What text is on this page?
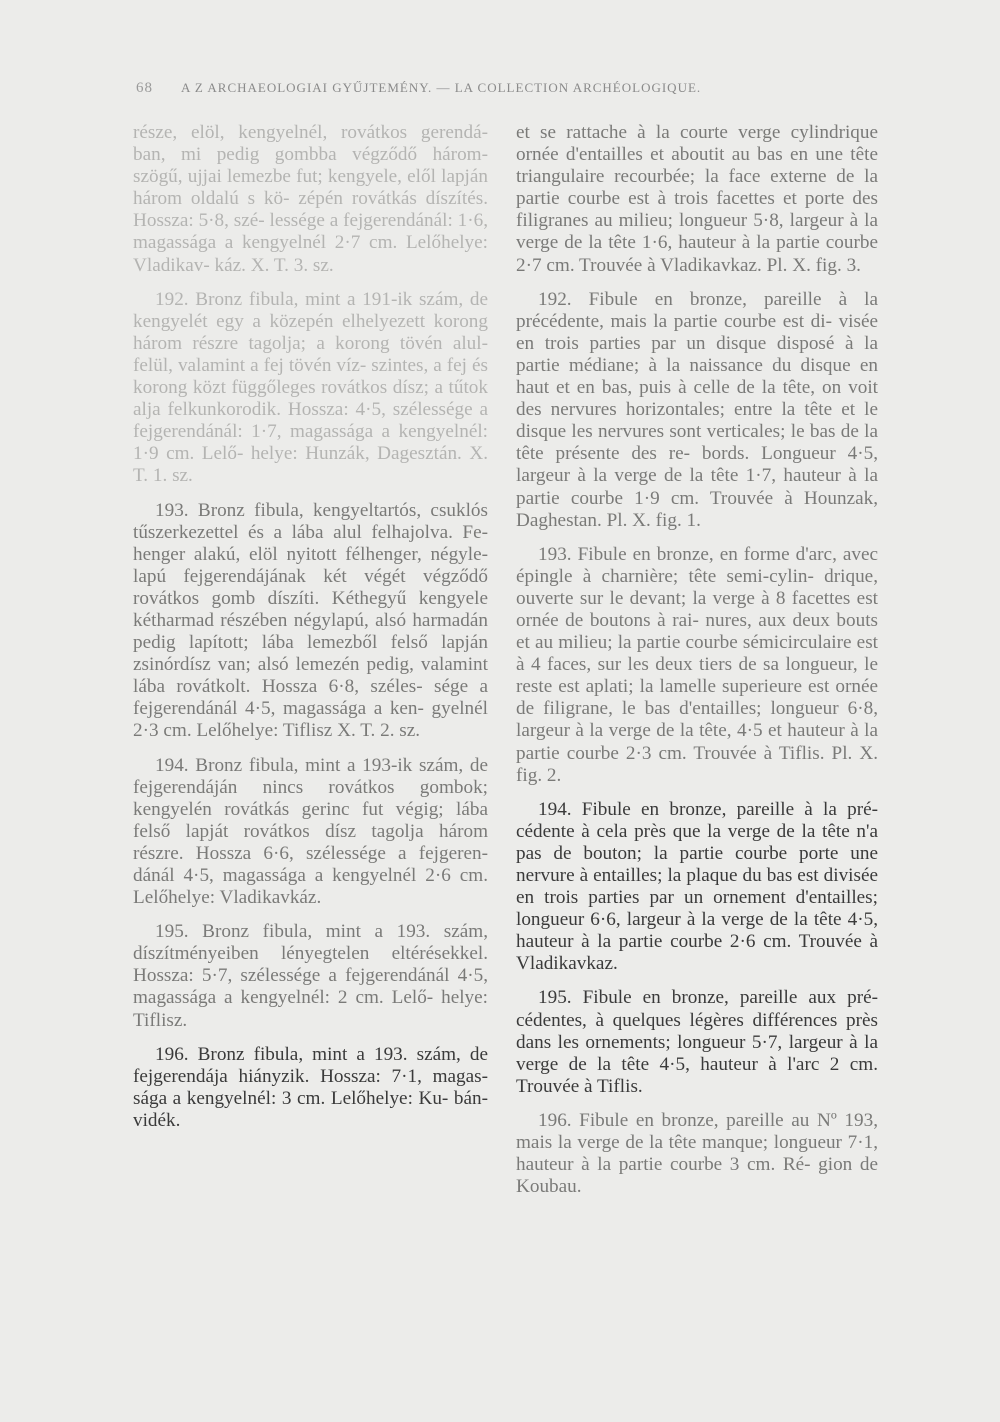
68 A Z ARCHAEOLOGIAI GYŰJTEMÉNY. — LA COLLECTION ARCHÉOLOGIQUE.

része, elöl, kengyelnél, rovátkos gerendá- ban, mi pedig gombba végződő három- szögű, ujjai lemezbe fut; kengyele, elől lapján három oldalú s kö- zépén rovátkás díszítés. Hossza: 5·8, szé- lessége a fejgerendánál: 1·6, magassága a kengyelnél 2·7 cm. Lelőhelye: Vladikav- káz. X. T. 3. sz.

192. Bronz fibula, mint a 191-ik szám, de kengyelét egy a közepén elhelyezett korong három részre tagolja; a korong tövén alul-felül, valamint a fej tövén víz- szintes, a fej és korong közt függőleges rovátkos dísz; a tűtok alja felkunkorodik. Hossza: 4·5, szélessége a fejgerendánál: 1·7, magassága a kengyelnél: 1·9 cm. Lelő- helye: Hunzák, Dagesztán. X. T. 1. sz.

193. Bronz fibula, kengyeltartós, csuklós tűszerkezettel és a lába alul felhajolva. Fe- henger alakú, elöl nyitott félhenger, négyle- lapú fejgerendájának két végét végződő rovátkos gomb díszíti. Kéthegyű kengyele kétharmad részében négylapú, alsó harmadán pedig lapított; lába lemezből felső lapján zsinórdísz van; alsó lemezén pedig, valamint lába rovátkolt. Hossza 6·8, széles- sége a fejgerendánál 4·5, magassága a ken- gyelnél 2·3 cm. Lelőhelye: Tiflisz X. T. 2. sz.

194. Bronz fibula, mint a 193-ik szám, de fejgerendáján nincs rovátkos gombok; kengyelén rovátkás gerinc fut végig; lába felső lapját rovátkos dísz tagolja három részre. Hossza 6·6, szélessége a fejgeren- dánál 4·5, magassága a kengyelnél 2·6 cm. Lelőhelye: Vladikavkáz.

195. Bronz fibula, mint a 193. szám, díszítményeiben lényegtelen eltérésekkel. Hossza: 5·7, szélessége a fejgerendánál 4·5, magassága a kengyelnél: 2 cm. Lelő- helye: Tiflisz.

196. Bronz fibula, mint a 193. szám, de fejgerendája hiányzik. Hossza: 7·1, magas- sága a kengyelnél: 3 cm. Lelőhelye: Ku- bán-vidék.

et se rattache à la courte verge cylindrique ornée d'entailles et aboutit au bas en une tête triangulaire recourbée; la face externe de la partie courbe est à trois facettes et porte des filigranes au milieu; longueur 5·8, largeur à la verge de la tête 1·6, hauteur à la partie courbe 2·7 cm. Trouvée à Vladikavkaz. Pl. X. fig. 3.

192. Fibule en bronze, pareille à la précédente, mais la partie courbe est di- visée en trois parties par un disque disposé à la partie médiane; à la naissance du disque en haut et en bas, puis à celle de la tête, on voit des nervures horizontales; entre la tête et le disque les nervures sont verticales; le bas de la tête présente des re- bords. Longueur 4·5, largeur à la verge de la tête 1·7, hauteur à la partie courbe 1·9 cm. Trouvée à Hounzak, Daghestan. Pl. X. fig. 1.

193. Fibule en bronze, en forme d'arc, avec épingle à charnière; tête semi-cylin- drique, ouverte sur le devant; la verge à 8 facettes est ornée de boutons à rai- nures, aux deux bouts et au milieu; la partie courbe sémicirculaire est à 4 faces, sur les deux tiers de sa longueur, le reste est aplati; la lamelle superieure est ornée de filigrane, le bas d'entailles; longueur 6·8, largeur à la verge de la tête, 4·5 et hauteur à la partie courbe 2·3 cm. Trouvée à Tiflis. Pl. X. fig. 2.

194. Fibule en bronze, pareille à la pré- cédente à cela près que la verge de la tête n'a pas de bouton; la partie courbe porte une nervure à entailles; la plaque du bas est divisée en trois parties par un ornement d'entailles; longueur 6·6, largeur à la verge de la tête 4·5, hauteur à la partie courbe 2·6 cm. Trouvée à Vladikavkaz.

195. Fibule en bronze, pareille aux pré- cédentes, à quelques légères différences près dans les ornements; longueur 5·7, largeur à la verge de la tête 4·5, hauteur à l'arc 2 cm. Trouvée à Tiflis.

196. Fibule en bronze, pareille au Nº 193, mais la verge de la tête manque; longueur 7·1, hauteur à la partie courbe 3 cm. Ré- gion de Koubau.
